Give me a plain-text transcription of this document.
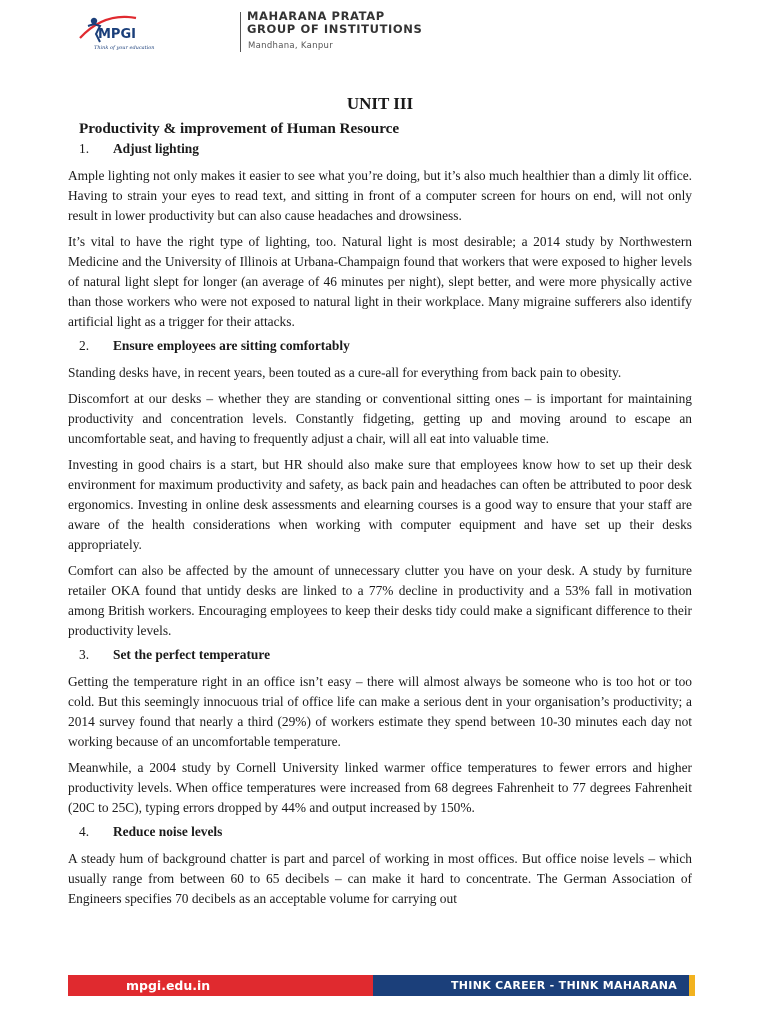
MPGI
Think of your education
MAHARANA PRATAP
GROUP OF INSTITUTIONS
Mandhana, Kanpur
UNIT III
Productivity & improvement of Human Resource
1. Adjust lighting

Ample lighting not only makes it easier to see what you’re doing, but it’s also much healthier than a dimly lit office. Having to strain your eyes to read text, and sitting in front of a computer screen for hours on end, will not only result in lower productivity but can also cause headaches and drowsiness.

It’s vital to have the right type of lighting, too. Natural light is most desirable; a 2014 study by Northwestern Medicine and the University of Illinois at Urbana-Champaign found that workers that were exposed to higher levels of natural light slept for longer (an average of 46 minutes per night), slept better, and were more physically active than those workers who were not exposed to natural light in their workplace. Many migraine sufferers also identify artificial light as a trigger for their attacks.

2. Ensure employees are sitting comfortably

Standing desks have, in recent years, been touted as a cure-all for everything from back pain to obesity.

Discomfort at our desks – whether they are standing or conventional sitting ones – is important for maintaining productivity and concentration levels. Constantly fidgeting, getting up and moving around to escape an uncomfortable seat, and having to frequently adjust a chair, will all eat into valuable time.

Investing in good chairs is a start, but HR should also make sure that employees know how to set up their desk environment for maximum productivity and safety, as back pain and headaches can often be attributed to poor desk ergonomics. Investing in online desk assessments and elearning courses is a good way to ensure that your staff are aware of the health considerations when working with computer equipment and have set up their desks appropriately.

Comfort can also be affected by the amount of unnecessary clutter you have on your desk. A study by furniture retailer OKA found that untidy desks are linked to a 77% decline in productivity and a 53% fall in motivation among British workers. Encouraging employees to keep their desks tidy could make a significant difference to their productivity levels.

3. Set the perfect temperature

Getting the temperature right in an office isn’t easy – there will almost always be someone who is too hot or too cold. But this seemingly innocuous trial of office life can make a serious dent in your organisation’s productivity; a 2014 survey found that nearly a third (29%) of workers estimate they spend between 10-30 minutes each day not working because of an uncomfortable temperature.

Meanwhile, a 2004 study by Cornell University linked warmer office temperatures to fewer errors and higher productivity levels. When office temperatures were increased from 68 degrees Fahrenheit to 77 degrees Fahrenheit (20C to 25C), typing errors dropped by 44% and output increased by 150%.

4. Reduce noise levels

A steady hum of background chatter is part and parcel of working in most offices. But office noise levels – which usually range from between 60 to 65 decibels – can make it hard to concentrate. The German Association of Engineers specifies 70 decibels as an acceptable volume for carrying out

mpgi.edu.in	THINK CAREER - THINK MAHARANA
